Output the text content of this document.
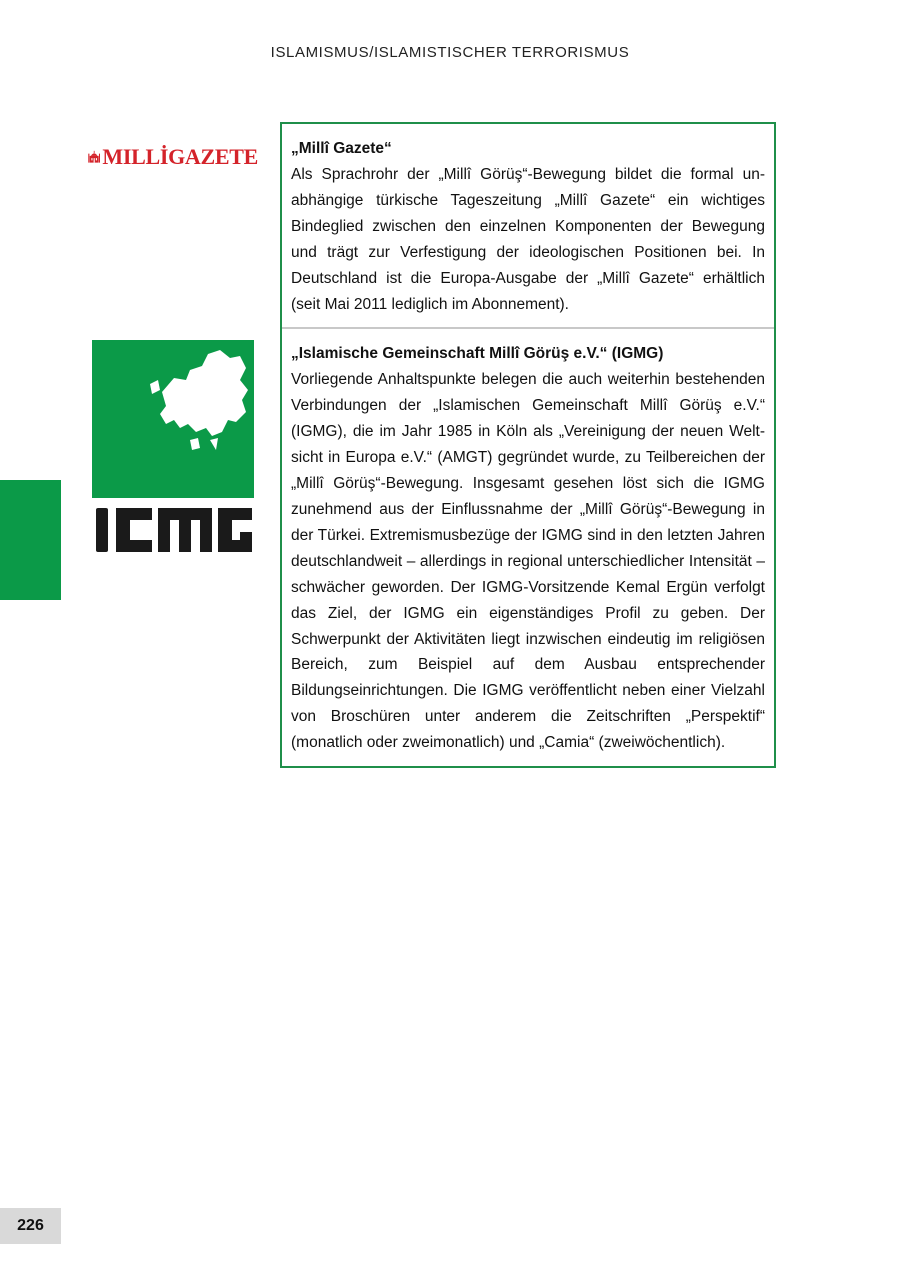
ISLAMISMUS/ISLAMISTISCHER TERRORISMUS
MILLİGAZETE „Millî Gazete“

Als Sprachrohr der „Millî Görüş“-Bewegung bildet die formal unabhängige türkische Tageszeitung „Millî Gazete“ ein wichtiges Bindeglied zwischen den einzelnen Komponenten der Bewegung und trägt zur Verfestigung der ideologischen Positionen bei. In Deutschland ist die Europa-Ausgabe der „Millî Gazete“ erhältlich (seit Mai 2011 lediglich im Abonnement).

„Islamische Gemeinschaft Millî Görüş e.V.“ (IGMG)

Vorliegende Anhaltspunkte belegen die auch weiterhin bestehenden Verbindungen der „Islamischen Gemeinschaft Millî Görüş e.V.“ (IGMG), die im Jahr 1985 in Köln als „Vereinigung der neuen Weltsicht in Europa e.V.“ (AMGT) gegründet wurde, zu Teilbereichen der „Millî Görüş“-Bewegung. Insgesamt gesehen löst sich die IGMG zunehmend aus der Einflussnahme der „Millî Görüş“-Bewegung in der Türkei. Extremismusbezüge der IGMG sind in den letzten Jahren deutschlandweit – allerdings in regional unterschiedlicher Intensität – schwächer geworden. Der IGMG-Vorsitzende Kemal Ergün verfolgt das Ziel, der IGMG ein eigenständiges Profil zu geben. Der Schwerpunkt der Aktivitäten liegt inzwischen eindeutig im religiösen Bereich, zum Beispiel auf dem Ausbau entsprechender Bildungseinrichtungen. Die IGMG veröffentlicht neben einer Vielzahl von Broschüren unter anderem die Zeitschriften „Perspektif“ (monatlich oder zweimonatlich) und „Camia“ (zweiwöchentlich).

226
